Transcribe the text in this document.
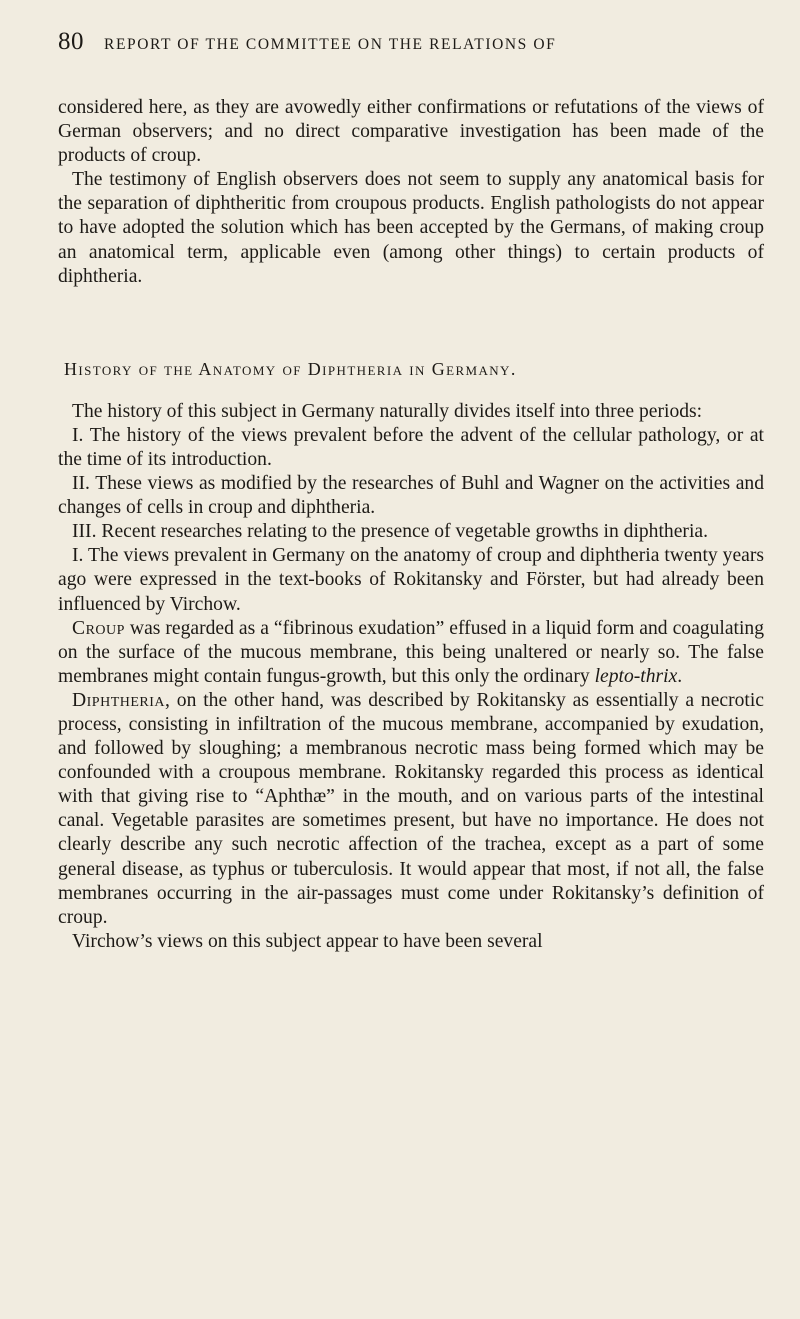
80	REPORT OF THE COMMITTEE ON THE RELATIONS OF

considered here, as they are avowedly either confirmations or refutations of the views of German observers; and no direct comparative investigation has been made of the products of croup.

The testimony of English observers does not seem to supply any anatomical basis for the separation of diphtheritic from croupous products. English pathologists do not appear to have adopted the solution which has been accepted by the Germans, of making croup an anatomical term, applicable even (among other things) to certain products of diphtheria.

History of the Anatomy of Diphtheria in Germany.

The history of this subject in Germany naturally divides itself into three periods:

I. The history of the views prevalent before the advent of the cellular pathology, or at the time of its introduction.

II. These views as modified by the researches of Buhl and Wagner on the activities and changes of cells in croup and diphtheria.

III. Recent researches relating to the presence of vegetable growths in diphtheria.

I. The views prevalent in Germany on the anatomy of croup and diphtheria twenty years ago were expressed in the text-books of Rokitansky and Förster, but had already been influenced by Virchow.

Croup was regarded as a “fibrinous exudation” effused in a liquid form and coagulating on the surface of the mucous membrane, this being unaltered or nearly so. The false membranes might contain fungus-growth, but this only the ordinary lepto-thrix.

Diphtheria, on the other hand, was described by Rokitansky as essentially a necrotic process, consisting in infiltration of the mucous membrane, accompanied by exudation, and followed by sloughing; a membranous necrotic mass being formed which may be confounded with a croupous membrane. Rokitansky regarded this process as identical with that giving rise to “Aphthæ” in the mouth, and on various parts of the intestinal canal. Vegetable parasites are sometimes present, but have no importance. He does not clearly describe any such necrotic affection of the trachea, except as a part of some general disease, as typhus or tuberculosis. It would appear that most, if not all, the false membranes occurring in the air-passages must come under Rokitansky’s definition of croup.

Virchow’s views on this subject appear to have been several
